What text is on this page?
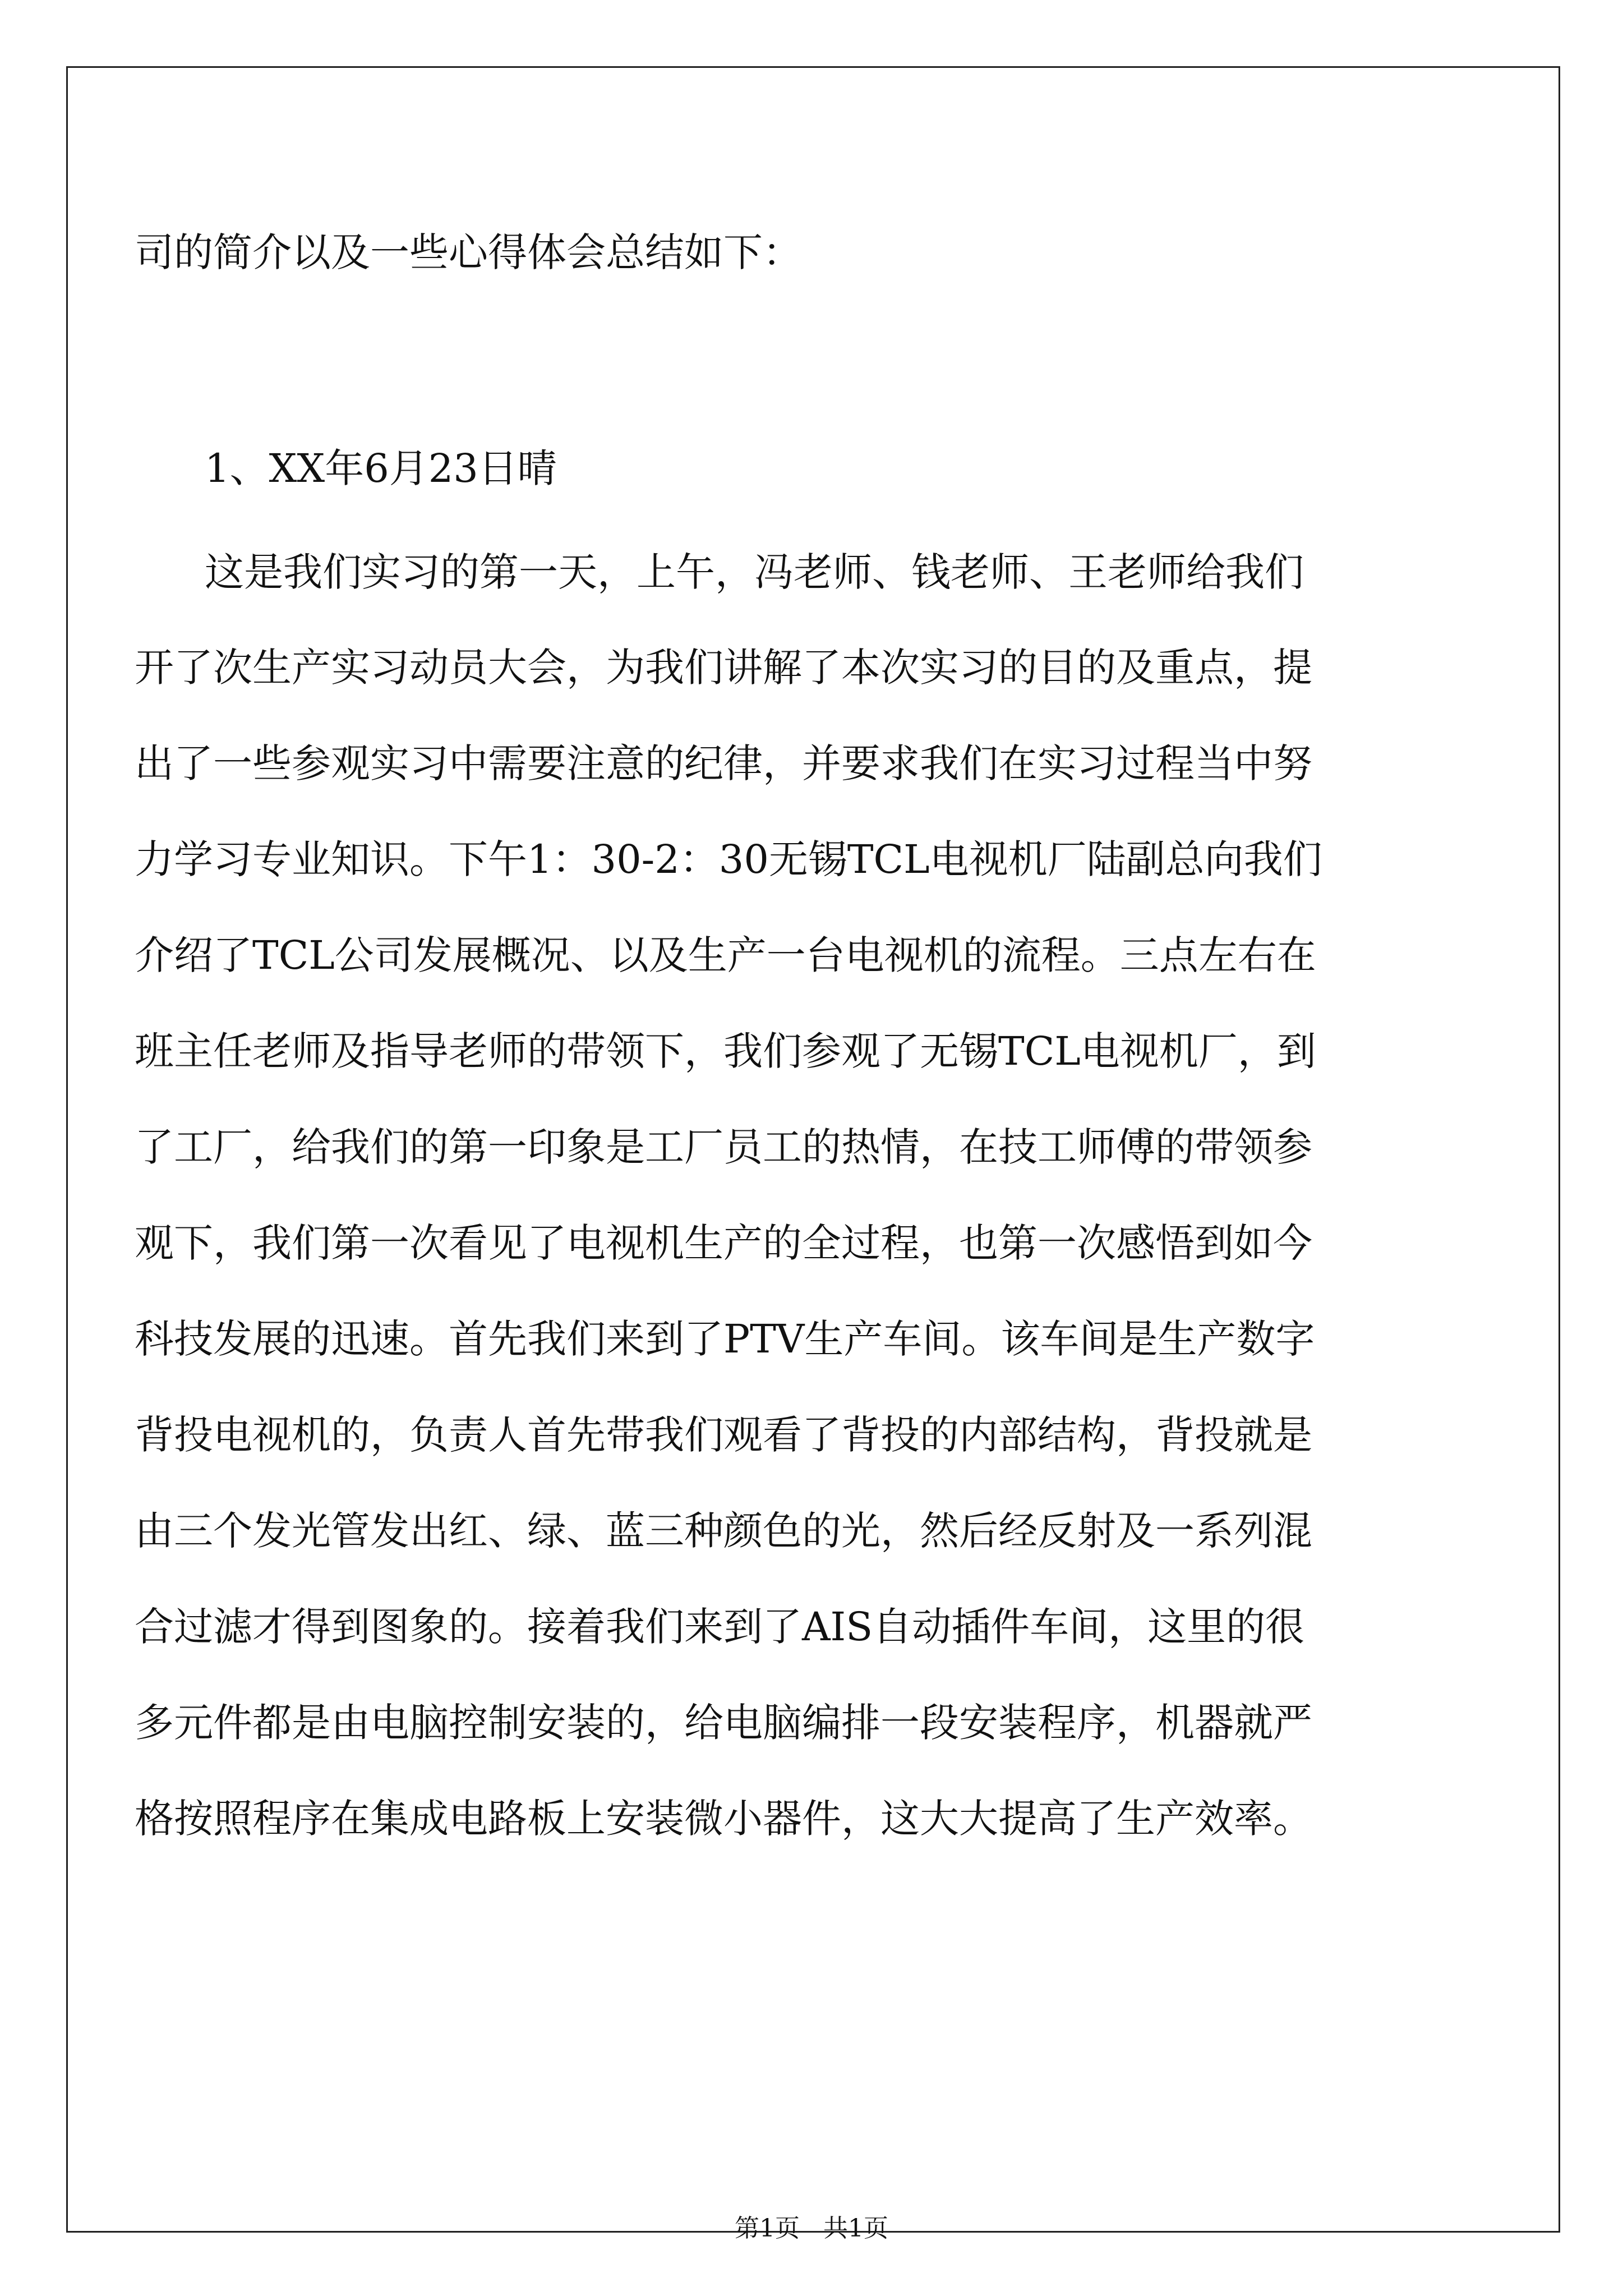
司的简介以及一些心得体会总结如下：
1、XX年6月23日晴
这是我们实习的第一天，上午，冯老师、钱老师、王老师给我们
开了次生产实习动员大会，为我们讲解了本次实习的目的及重点，提
出了一些参观实习中需要注意的纪律，并要求我们在实习过程当中努
力学习专业知识。下午1：30-2：30无锡TCL电视机厂陆副总向我们
介绍了TCL公司发展概况、以及生产一台电视机的流程。三点左右在
班主任老师及指导老师的带领下，我们参观了无锡TCL电视机厂，到
了工厂，给我们的第一印象是工厂员工的热情，在技工师傅的带领参
观下，我们第一次看见了电视机生产的全过程，也第一次感悟到如今
科技发展的迅速。首先我们来到了PTV生产车间。该车间是生产数字
背投电视机的，负责人首先带我们观看了背投的内部结构，背投就是
由三个发光管发出红、绿、蓝三种颜色的光，然后经反射及一系列混
合过滤才得到图象的。接着我们来到了AIS自动插件车间，这里的很
多元件都是由电脑控制安装的，给电脑编排一段安装程序，机器就严
格按照程序在集成电路板上安装微小器件，这大大提高了生产效率。
第1页   共1页
